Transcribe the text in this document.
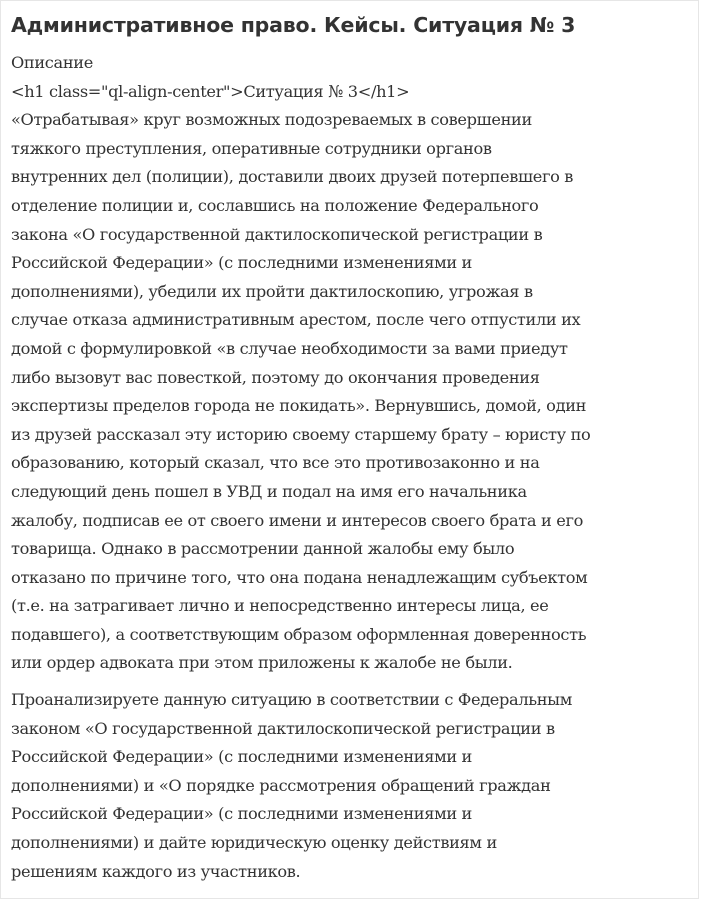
Административное право. Кейсы. Ситуация № 3
Описание
<h1 class="ql-align-center">Ситуация № 3</h1>
«Отрабатывая» круг возможных подозреваемых в совершении
тяжкого преступления, оперативные сотрудники органов
внутренних дел (полиции), доставили двоих друзей потерпевшего в
отделение полиции и, сославшись на положение Федерального
закона «О государственной дактилоскопической регистрации в
Российской Федерации» (с последними изменениями и
дополнениями), убедили их пройти дактилоскопию, угрожая в
случае отказа административным арестом, после чего отпустили их
домой с формулировкой «в случае необходимости за вами приедут
либо вызовут вас повесткой, поэтому до окончания проведения
экспертизы пределов города не покидать». Вернувшись, домой, один
из друзей рассказал эту историю своему старшему брату – юристу по
образованию, который сказал, что все это противозаконно и на
следующий день пошел в УВД и подал на имя его начальника
жалобу, подписав ее от своего имени и интересов своего брата и его
товарища. Однако в рассмотрении данной жалобы ему было
отказано по причине того, что она подана ненадлежащим субъектом
(т.е. на затрагивает лично и непосредственно интересы лица, ее
подавшего), а соответствующим образом оформленная доверенность
или ордер адвоката при этом приложены к жалобе не были.
Проанализируете данную ситуацию в соответствии с Федеральным
законом «О государственной дактилоскопической регистрации в
Российской Федерации» (с последними изменениями и
дополнениями) и «О порядке рассмотрения обращений граждан
Российской Федерации» (с последними изменениями и
дополнениями) и дайте юридическую оценку действиям и
решениям каждого из участников.
